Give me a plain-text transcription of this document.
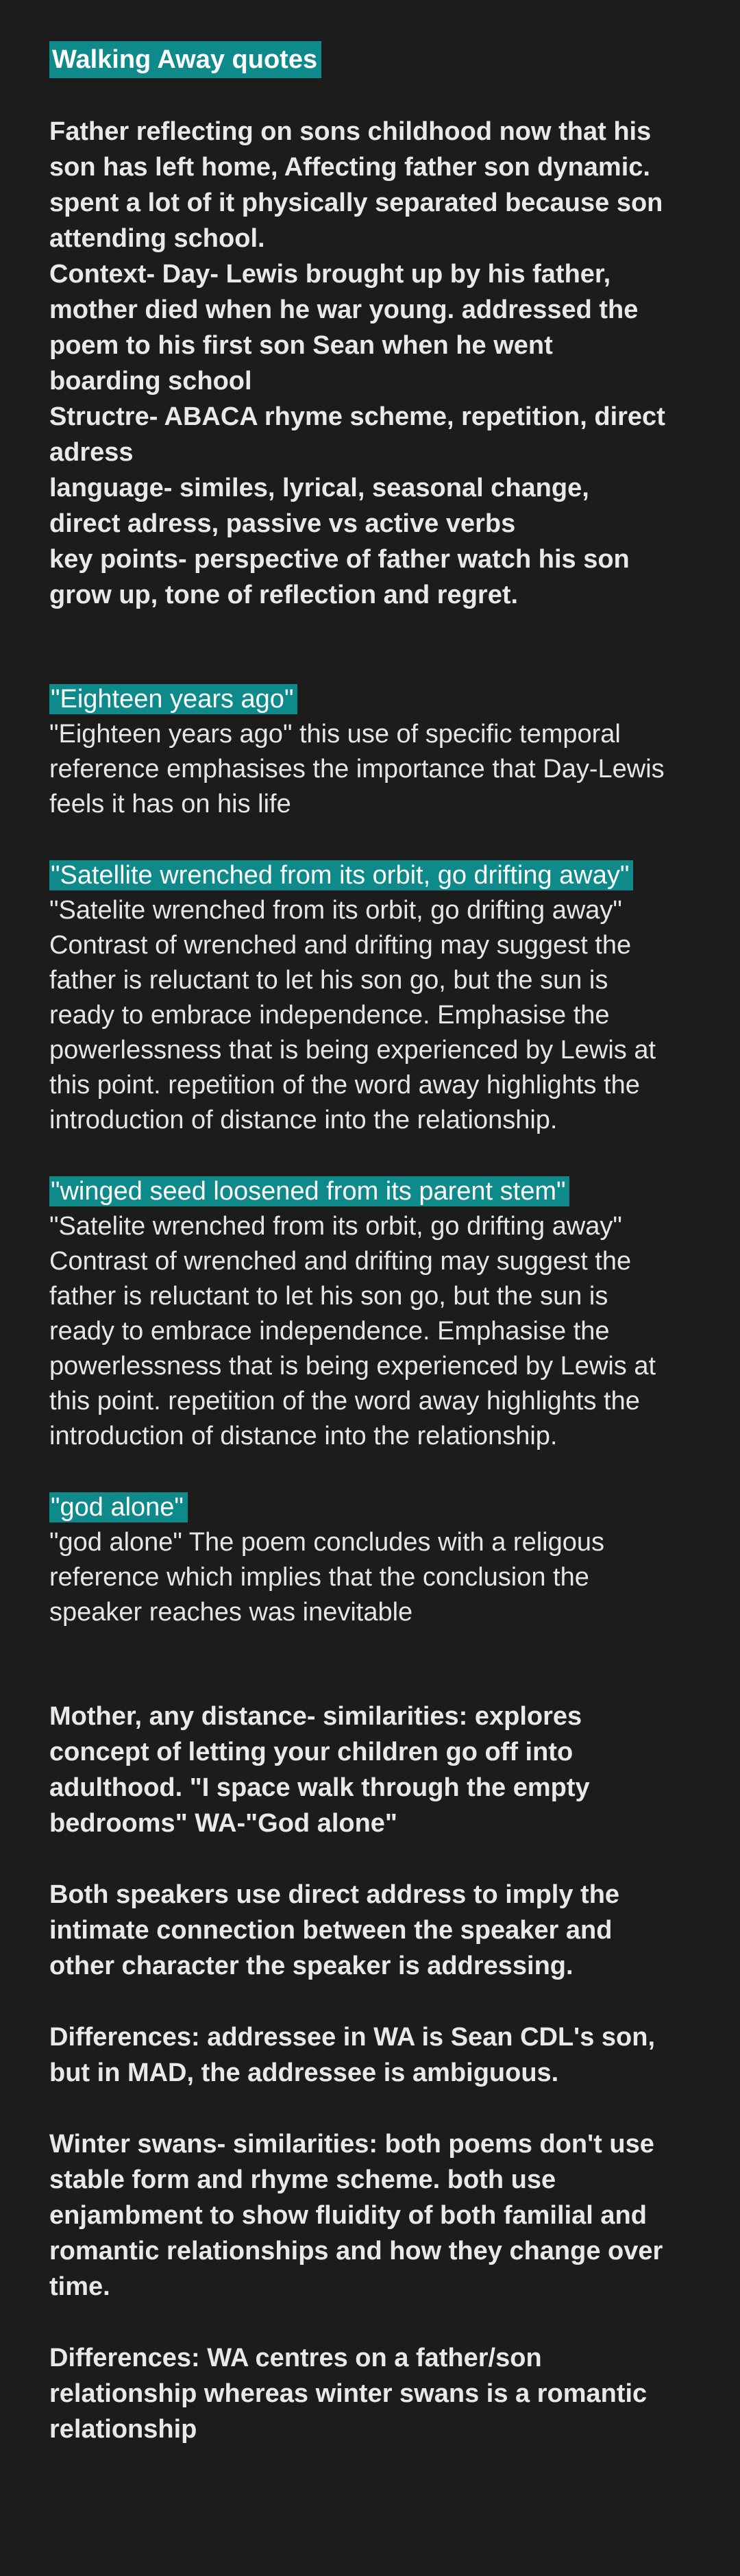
Walking Away quotes

Father reflecting on sons childhood now that his son has left home, Affecting father son dynamic. spent a lot of it physically separated because son attending school.

Context- Day- Lewis brought up by his father, mother died when he war young. addressed the poem to his first son Sean when he went boarding school

Structre- ABACA rhyme scheme, repetition, direct adress

language- similes, lyrical, seasonal change, direct adress, passive vs active verbs

key points- perspective of father watch his son grow up, tone of reflection and regret.

"Eighteen years ago"

"Eighteen years ago" this use of specific temporal reference emphasises the importance that Day-Lewis feels it has on his life

"Satellite wrenched from its orbit, go drifting away"

"Satelite wrenched from its orbit, go drifting away" Contrast of wrenched and drifting may suggest the father is reluctant to let his son go, but the sun is ready to embrace independence. Emphasise the powerlessness that is being experienced by Lewis at this point. repetition of the word away highlights the introduction of distance into the relationship.

"winged seed loosened from its parent stem"

"Satelite wrenched from its orbit, go drifting away" Contrast of wrenched and drifting may suggest the father is reluctant to let his son go, but the sun is ready to embrace independence. Emphasise the powerlessness that is being experienced by Lewis at this point. repetition of the word away highlights the introduction of distance into the relationship.

"god alone"

"god alone" The poem concludes with a religous reference which implies that the conclusion the speaker reaches was inevitable

Mother, any distance- similarities: explores concept of letting your children go off into adulthood. "I space walk through the empty bedrooms" WA-"God alone"

Both speakers use direct address to imply the intimate connection between the speaker and other character the speaker is addressing.

Differences: addressee in WA is Sean CDL's son, but in MAD, the addressee is ambiguous.

Winter swans- similarities: both poems don't use stable form and rhyme scheme. both use enjambment to show fluidity of both familial and romantic relationships and how they change over time.

Differences: WA centres on a father/son relationship whereas winter swans is a romantic relationship
